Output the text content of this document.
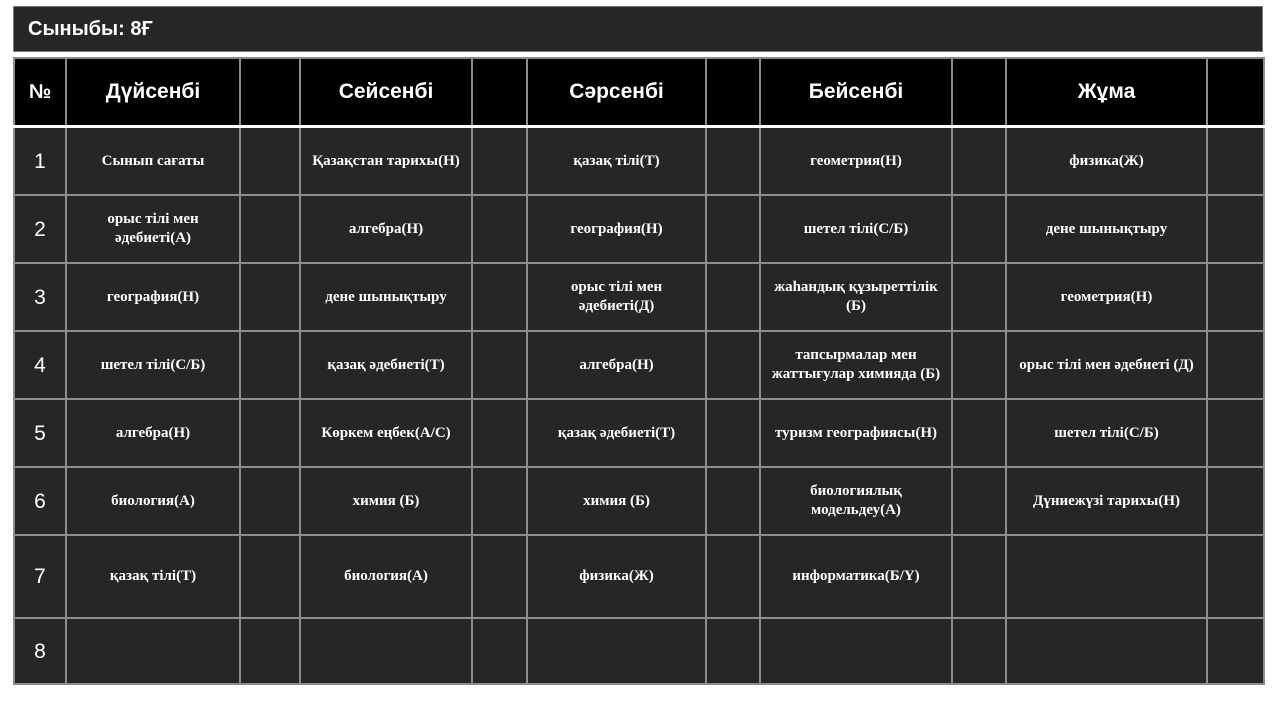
Сыныбы: 8Ғ
№	Дүйсенбі		Сейсенбі		Сәрсенбі		Бейсенбі		Жұма	
1	Сынып сағаты		Қазақстан тарихы(Н)		қазақ тілі(Т)		геометрия(Н)		физика(Ж)	
2	орыс тілі мен әдебиеті(А)		алгебра(Н)		география(Н)		шетел тілі(С/Б)		дене шынықтыру	
3	география(Н)		дене шынықтыру		орыс тілі мен әдебиеті(Д)		жаһандық құзыреттілік (Б)		геометрия(Н)	
4	шетел тілі(С/Б)		қазақ әдебиеті(Т)		алгебра(Н)		тапсырмалар мен жаттығулар химияда (Б)		орыс тілі мен әдебиеті (Д)	
5	алгебра(Н)		Көркем еңбек(А/С)		қазақ әдебиеті(Т)		туризм географиясы(Н)		шетел тілі(С/Б)	
6	биология(А)		химия (Б)		химия (Б)		биологиялық модельдеу(А)		Дүниежүзі тарихы(Н)	
7	қазақ тілі(Т)		биология(А)		физика(Ж)		информатика(Б/Ү)			
8										
